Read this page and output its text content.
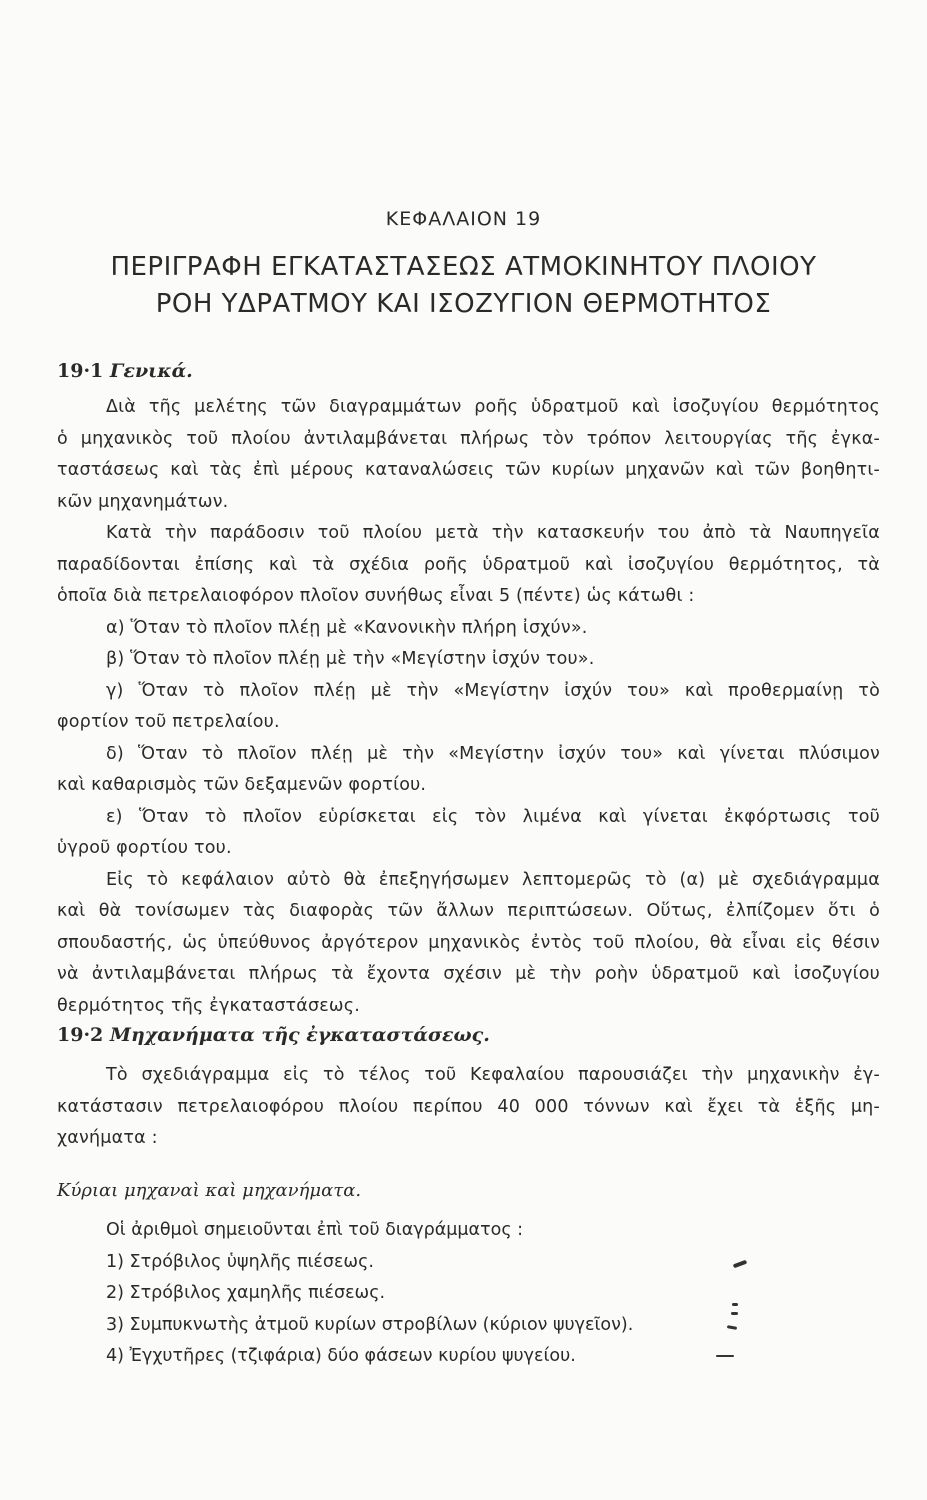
ΚΕΦΑΛΑΙΟΝ 19
ΠΕΡΙΓΡΑΦΗ ΕΓΚΑΤΑΣΤΑΣΕΩΣ ΑΤΜΟΚΙΝΗΤΟΥ ΠΛΟΙΟΥ
ΡΟΗ ΥΔΡΑΤΜΟΥ ΚΑΙ ΙΣΟΖΥΓΙΟΝ ΘΕΡΜΟΤΗΤΟΣ
19·1 Γενικά.
Διὰ τῆς μελέτης τῶν διαγραμμάτων ροῆς ὑδρατμοῦ καὶ ἰσοζυγίου θερμότητος
ὁ μηχανικὸς τοῦ πλοίου ἀντιλαμβάνεται πλήρως τὸν τρόπον λειτουργίας τῆς ἐγκα-
ταστάσεως καὶ τὰς ἐπὶ μέρους καταναλώσεις τῶν κυρίων μηχανῶν καὶ τῶν βοηθητι-
κῶν μηχανημάτων.
Κατὰ τὴν παράδοσιν τοῦ πλοίου μετὰ τὴν κατασκευήν του ἀπὸ τὰ Ναυπηγεῖα
παραδίδονται ἐπίσης καὶ τὰ σχέδια ροῆς ὑδρατμοῦ καὶ ἰσοζυγίου θερμότητος, τὰ
ὁποῖα διὰ πετρελαιοφόρον πλοῖον συνήθως εἶναι 5 (πέντε) ὡς κάτωθι :
α) Ὅταν τὸ πλοῖον πλέῃ μὲ «Κανονικὴν πλήρη ἰσχύν».
β) Ὅταν τὸ πλοῖον πλέῃ μὲ τὴν «Μεγίστην ἰσχύν του».
γ) Ὅταν τὸ πλοῖον πλέῃ μὲ τὴν «Μεγίστην ἰσχύν του» καὶ προθερμαίνῃ τὸ
φορτίον τοῦ πετρελαίου.
δ) Ὅταν τὸ πλοῖον πλέῃ μὲ τὴν «Μεγίστην ἰσχύν του» καὶ γίνεται πλύσιμον
καὶ καθαρισμὸς τῶν δεξαμενῶν φορτίου.
ε) Ὅταν τὸ πλοῖον εὑρίσκεται εἰς τὸν λιμένα καὶ γίνεται ἐκφόρτωσις τοῦ
ὑγροῦ φορτίου του.
Εἰς τὸ κεφάλαιον αὐτὸ θὰ ἐπεξηγήσωμεν λεπτομερῶς τὸ (α) μὲ σχεδιάγραμμα
καὶ θὰ τονίσωμεν τὰς διαφορὰς τῶν ἄλλων περιπτώσεων. Οὕτως, ἐλπίζομεν ὅτι ὁ
σπουδαστής, ὡς ὑπεύθυνος ἀργότερον μηχανικὸς ἐντὸς τοῦ πλοίου, θὰ εἶναι εἰς θέσιν
νὰ ἀντιλαμβάνεται πλήρως τὰ ἔχοντα σχέσιν μὲ τὴν ροὴν ὑδρατμοῦ καὶ ἰσοζυγίου
θερμότητος τῆς ἐγκαταστάσεως.
19·2 Μηχανήματα τῆς ἐγκαταστάσεως.
Τὸ σχεδιάγραμμα εἰς τὸ τέλος τοῦ Κεφαλαίου παρουσιάζει τὴν μηχανικὴν ἐγ-
κατάστασιν πετρελαιοφόρου πλοίου περίπου 40 000 τόννων καὶ ἔχει τὰ ἑξῆς μη-
χανήματα :
Κύριαι μηχαναὶ καὶ μηχανήματα.
Οἱ ἀριθμοὶ σημειοῦνται ἐπὶ τοῦ διαγράμματος :
1) Στρόβιλος ὑψηλῆς πιέσεως.
2) Στρόβιλος χαμηλῆς πιέσεως.
3) Συμπυκνωτὴς ἀτμοῦ κυρίων στροβίλων (κύριον ψυγεῖον).
4) Ἐγχυτῆρες (τζιφάρια) δύο φάσεων κυρίου ψυγείου.
